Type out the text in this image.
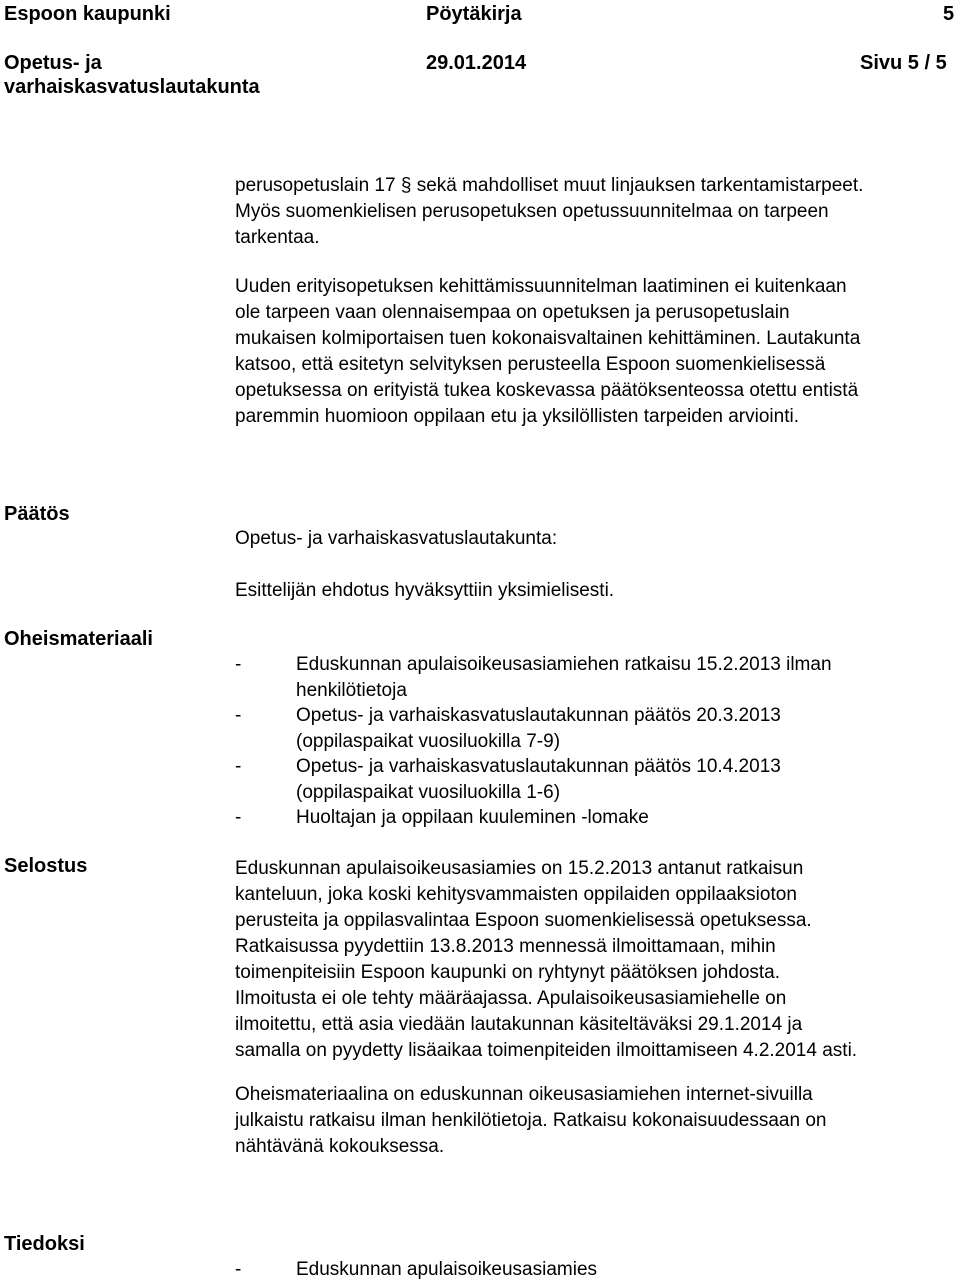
Espoon kaupunki	Pöytäkirja	5
Opetus- ja
varhaiskasvatuslautakunta
29.01.2014	Sivu 5 / 5
perusopetuslain 17 § sekä mahdolliset muut linjauksen tarkentamistarpeet.
Myös suomenkielisen perusopetuksen opetussuunnitelmaa on tarpeen
tarkentaa.
Uuden erityisopetuksen kehittämissuunnitelman laatiminen ei kuitenkaan
ole tarpeen vaan olennaisempaa on opetuksen ja perusopetuslain
mukaisen kolmiportaisen tuen kokonaisvaltainen kehittäminen. Lautakunta
katsoo, että esitetyn selvityksen perusteella Espoon suomenkielisessä
opetuksessa on erityistä tukea koskevassa päätöksenteossa otettu entistä
paremmin huomioon oppilaan etu ja yksilöllisten tarpeiden arviointi.
Päätös
Opetus- ja varhaiskasvatuslautakunta:
Esittelijän ehdotus hyväksyttiin yksimielisesti.
Oheismateriaali
-	Eduskunnan apulaisoikeusasiamiehen ratkaisu 15.2.2013 ilman
henkilötietoja
-	Opetus- ja varhaiskasvatuslautakunnan päätös 20.3.2013
(oppilaspaikat vuosiluokilla 7-9)
-	Opetus- ja varhaiskasvatuslautakunnan päätös 10.4.2013
(oppilaspaikat vuosiluokilla 1-6)
-	Huoltajan ja oppilaan kuuleminen -lomake
Selostus	Eduskunnan apulaisoikeusasiamies on 15.2.2013 antanut ratkaisun
kanteluun, joka koski kehitysvammaisten oppilaiden oppilaaksioton
perusteita ja oppilasvalintaa Espoon suomenkielisessä opetuksessa.
Ratkaisussa pyydettiin 13.8.2013 mennessä ilmoittamaan, mihin
toimenpiteisiin Espoon kaupunki on ryhtynyt päätöksen johdosta.
Ilmoitusta ei ole tehty määräajassa. Apulaisoikeusasiamiehelle on
ilmoitettu, että asia viedään lautakunnan käsiteltäväksi 29.1.2014 ja
samalla on pyydetty lisäaikaa toimenpiteiden ilmoittamiseen 4.2.2014 asti.
Oheismateriaalina on eduskunnan oikeusasiamiehen internet-sivuilla
julkaistu ratkaisu ilman henkilötietoja. Ratkaisu kokonaisuudessaan on
nähtävänä kokouksessa.
Tiedoksi
-	Eduskunnan apulaisoikeusasiamies
